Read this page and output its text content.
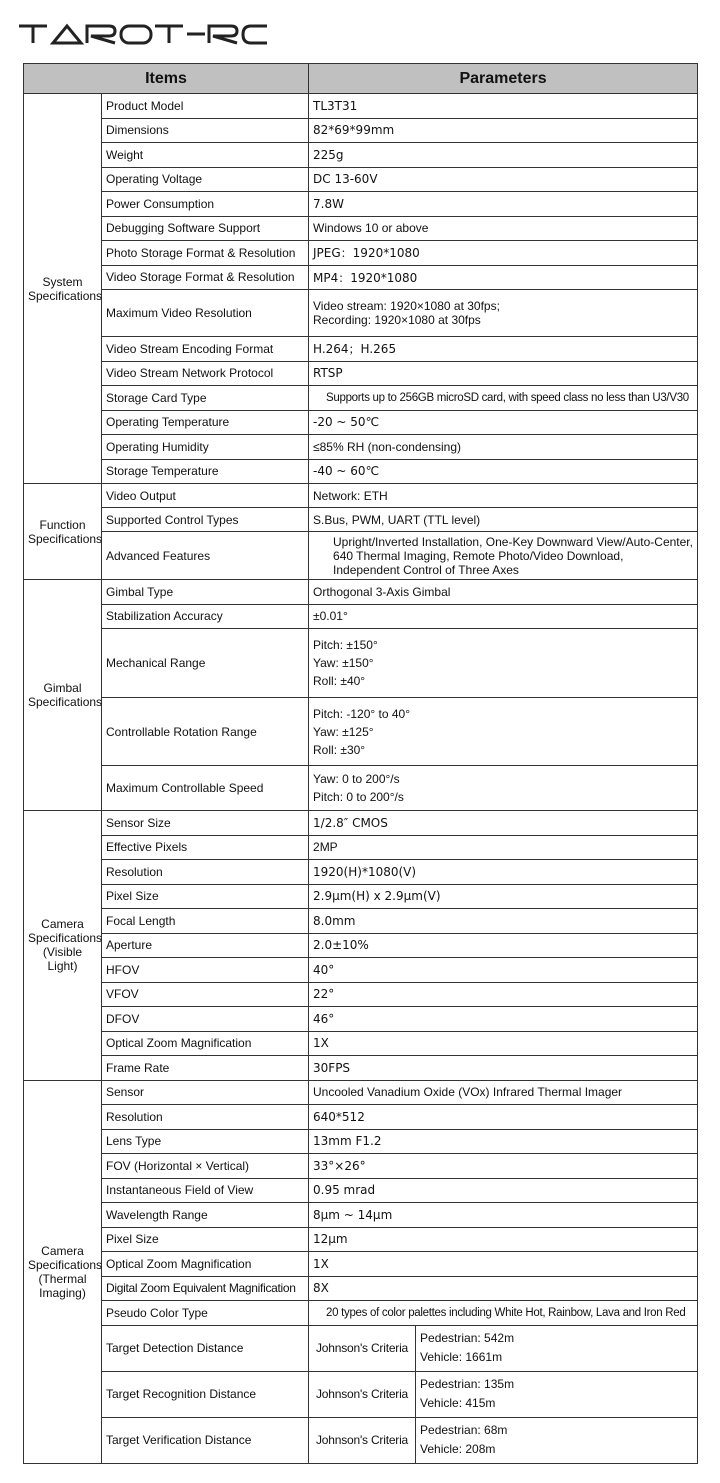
Items		Parameters	

System
Specifications	Product Model	TL3T31	
	Dimensions	82*69*99mm	
	Weight	225g	
	Operating Voltage	DC 13-60V	
	Power Consumption	7.8W	
	Debugging Software Support	Windows 10 or above	
	Photo Storage Format & Resolution	JPEG：1920*1080	
	Video Storage Format & Resolution	MP4：1920*1080	
	Maximum Video Resolution	Video stream: 1920×1080 at 30fps;
Recording: 1920×1080 at 30fps	

	Video Stream Encoding Format	H.264；H.265	
	Video Stream Network Protocol	RTSP	
	Storage Card Type	Supports up to 256GB microSD card, with speed class no less than U3/V30	
	Operating Temperature	-20 ~ 50℃	
	Operating Humidity	≤85% RH (non-condensing)	
	Storage Temperature	-40 ~ 60℃	

Function
Specifications	Video Output	Network: ETH	
	Supported Control Types	S.Bus, PWM, UART (TTL level)	
	Advanced Features	Upright/Inverted Installation, One-Key Downward View/Auto-Center,
640 Thermal Imaging, Remote Photo/Video Download,
Independent Control of Three Axes	

Gimbal
Specifications	Gimbal Type	Orthogonal 3-Axis Gimbal	
	Stabilization Accuracy	±0.01°	
	Mechanical Range	Pitch: ±150°
Yaw: ±150°
Roll: ±40°	

	Controllable Rotation Range	Pitch: -120° to 40°
Yaw: ±125°
Roll: ±30°	

	Maximum Controllable Speed	Yaw: 0 to 200°/s
Pitch: 0 to 200°/s	

Camera
Specifications
(Visible Light)	Sensor Size	1/2.8″ CMOS	
	Effective Pixels	2MP	
	Resolution	1920(H)*1080(V)	
	Pixel Size	2.9μm(H) x 2.9μm(V)	
	Focal Length	8.0mm	
	Aperture	2.0±10%	
	HFOV	40°	
	VFOV	22°	
	DFOV	46°	
	Optical Zoom Magnification	1X	
	Frame Rate	30FPS	

Camera
Specifications
(Thermal
Imaging)	Sensor	Uncooled Vanadium Oxide (VOx) Infrared Thermal Imager	
	Resolution	640*512	
	Lens Type	13mm F1.2	
	FOV (Horizontal × Vertical)	33°×26°	
	Instantaneous Field of View	0.95 mrad	
	Wavelength Range	8μm ~ 14μm	
	Pixel Size	12μm	
	Optical Zoom Magnification	1X	
	Digital Zoom Equivalent Magnification	8X	
	Pseudo Color Type	20 types of color palettes including White Hot, Rainbow, Lava and Iron Red	
	Target Detection Distance	Johnson's Criteria	Pedestrian: 542m
Vehicle: 1661m

	Target Recognition Distance	Johnson's Criteria	Pedestrian: 135m
Vehicle: 415m

	Target Verification Distance	Johnson's Criteria	Pedestrian: 68m
Vehicle: 208m
